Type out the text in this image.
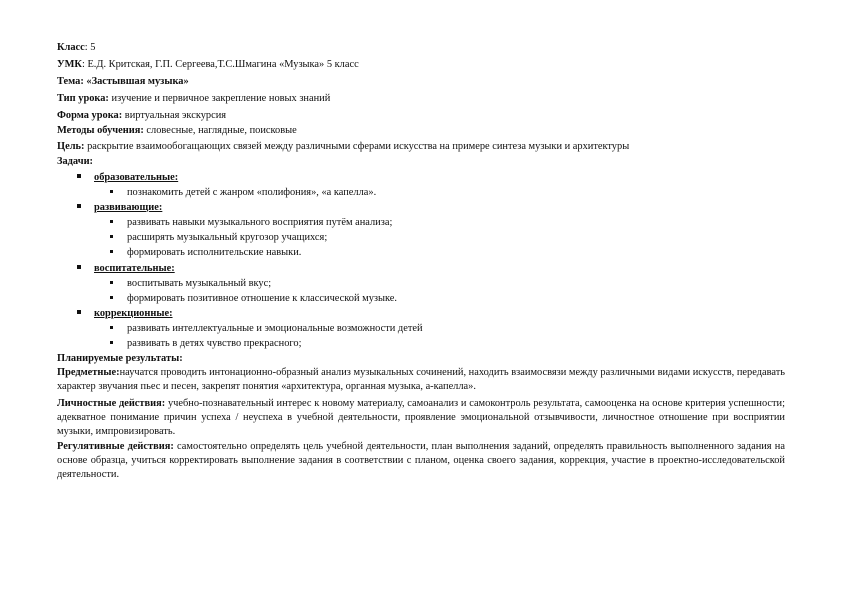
Класс: 5
УМК: Е.Д. Критская, Г.П. Сергеева,Т.С.Шмагина «Музыка» 5 класс
Тема: «Застывшая музыка»
Тип урока: изучение и первичное закрепление новых знаний
Форма урока: виртуальная экскурсия
Методы обучения: словесные, наглядные, поисковые
Цель: раскрытие взаимообогащающих связей между различными сферами искусства на примере синтеза музыки и архитектуры
Задачи:
образовательные:
познакомить детей с жанром «полифония», «а капелла».
развивающие:
развивать навыки музыкального восприятия путём анализа;
расширять музыкальный кругозор учащихся;
формировать исполнительские навыки.
воспитательные:
воспитывать музыкальный вкус;
формировать позитивное отношение к классической музыке.
коррекционные:
развивать интеллектуальные и эмоциональные возможности детей
развивать в детях чувство прекрасного;
Планируемые результаты:
Предметные:научатся проводить интонационно-образный анализ музыкальных сочинений, находить взаимосвязи между различными видами искусств, передавать характер звучания пьес и песен, закрепят понятия «архитектура, органная музыка, а-капелла».
Личностные действия: учебно-познавательный интерес к новому материалу, самоанализ и самоконтроль результата, самооценка на основе критерия успешности; адекватное понимание причин успеха / неуспеха в учебной деятельности, проявление эмоциональной отзывчивости, личностное отношение при восприятии музыки, импровизировать.
Регулятивные действия: самостоятельно определять цель учебной деятельности, план выполнения заданий, определять правильность выполненного задания на основе образца, учиться корректировать выполнение задания в соответствии с планом, оценка своего задания, коррекция, участие в проектно-исследовательской деятельности.
